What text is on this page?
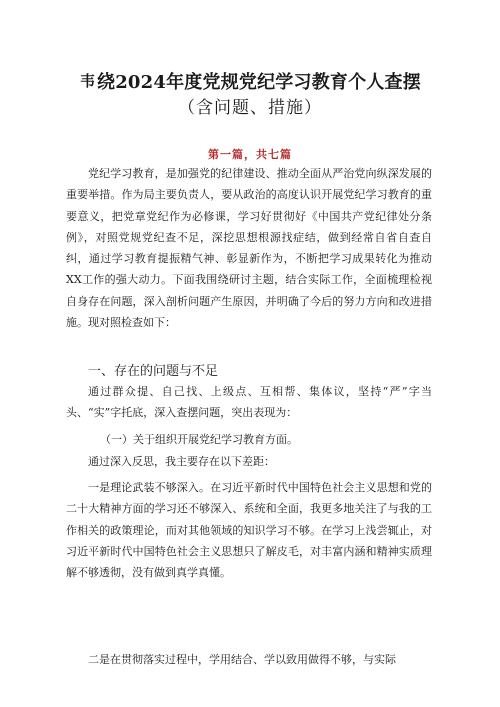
韦 绕2024年度党规党纪学习教育个人查摆
（含问题、措施）
第一篇，共七篇

党纪学习教育，是加强党的纪律建设、推动全面从严治党向纵深发展的重要举措。作为局主要负责人，要从政治的高度认识开展党纪学习教育的重要意义，把党章党纪作为必修课，学习好贯彻好《中国共产党纪律处分条例》，对照党规党纪查不足，深挖思想根源找症结，做到经常自省自查自纠，通过学习教育提振精气神、彰显新作为，不断把学习成果转化为推动XX工作的强大动力。下面我围绕研讨主题，结合实际工作，全面梳理检视自身存在问题，深入剖析问题产生原因，并明确了今后的努力方向和改进措施。现对照检查如下：

一、存在的问题与不足

通过群众提、自己找、上级点、互相帮、集体议，坚持“严”字当头、“实”字托底，深入查摆问题，突出表现为：

（一）关于组织开展党纪学习教育方面。

通过深入反思，我主要存在以下差距：

一是理论武装不够深入。在习近平新时代中国特色社会主义思想和党的二十大精神方面的学习还不够深入、系统和全面，我更多地关注了与我的工作相关的政策理论，而对其他领域的知识学习不够。在学习上浅尝辄止，对习近平新时代中国特色社会主义思想只了解皮毛，对丰富内涵和精神实质理解不够透彻，没有做到真学真懂。

二是在贯彻落实过程中，学用结合、学以致用做得不够，与实际
